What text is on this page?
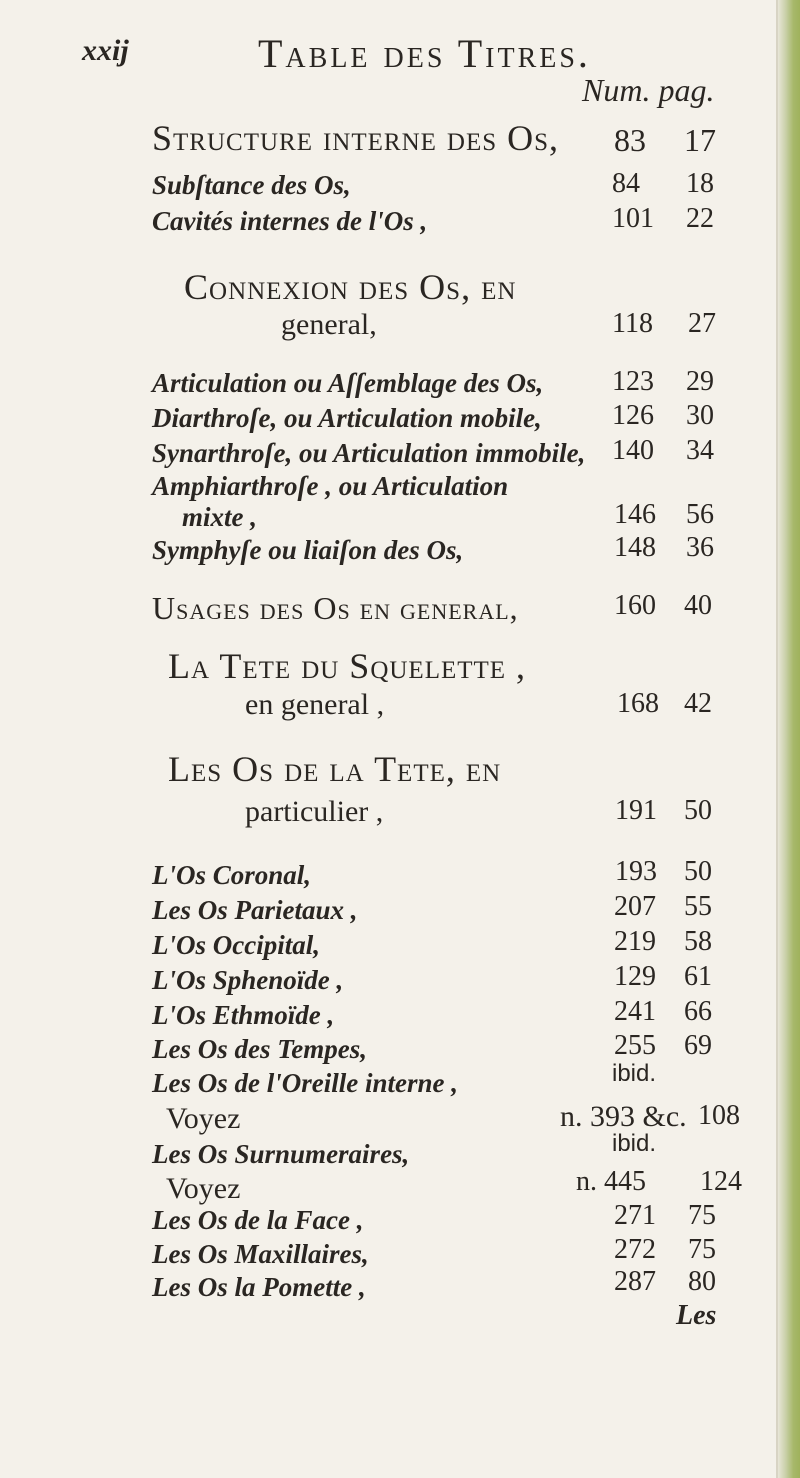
xxij	Table des Titres.
Num. pag.
Structure interne des Os, 83 17
Subſtance des Os,	84 18
Cavités internes de l'Os ,	101 22
Connexion des Os, en
general,	118 27
Articulation ou Aſſemblage des Os, 123 29
Diarthroſe, ou Articulation mobile,	126 30
Synarthroſe, ou Articulation immobile, 140 34
Amphiarthroſe , ou Articulation
mixte ,	146 56
Symphyſe ou liaiſon des Os,	148 36
Usages des Os en general,	160 40
La Tete du Squelette ,
en general ,	168 42
Les Os de la Tete, en
particulier ,	191 50
L'Os Coronal,	193 50
Les Os Parietaux ,	207 55
L'Os Occipital,	219 58
L'Os Sphenoïde ,	129 61
L'Os Ethmoïde ,	241 66
Les Os des Tempes,	255 69
Les Os de l'Oreille interne ,	ibid.
Voyez	n. 393 &c. 108
Les Os Surnumeraires,	ibid.
Voyez	n. 445 124
Les Os de la Face ,	271 75
Les Os Maxillaires,	272 75
Les Os la Pomette ,	287 80
Les
